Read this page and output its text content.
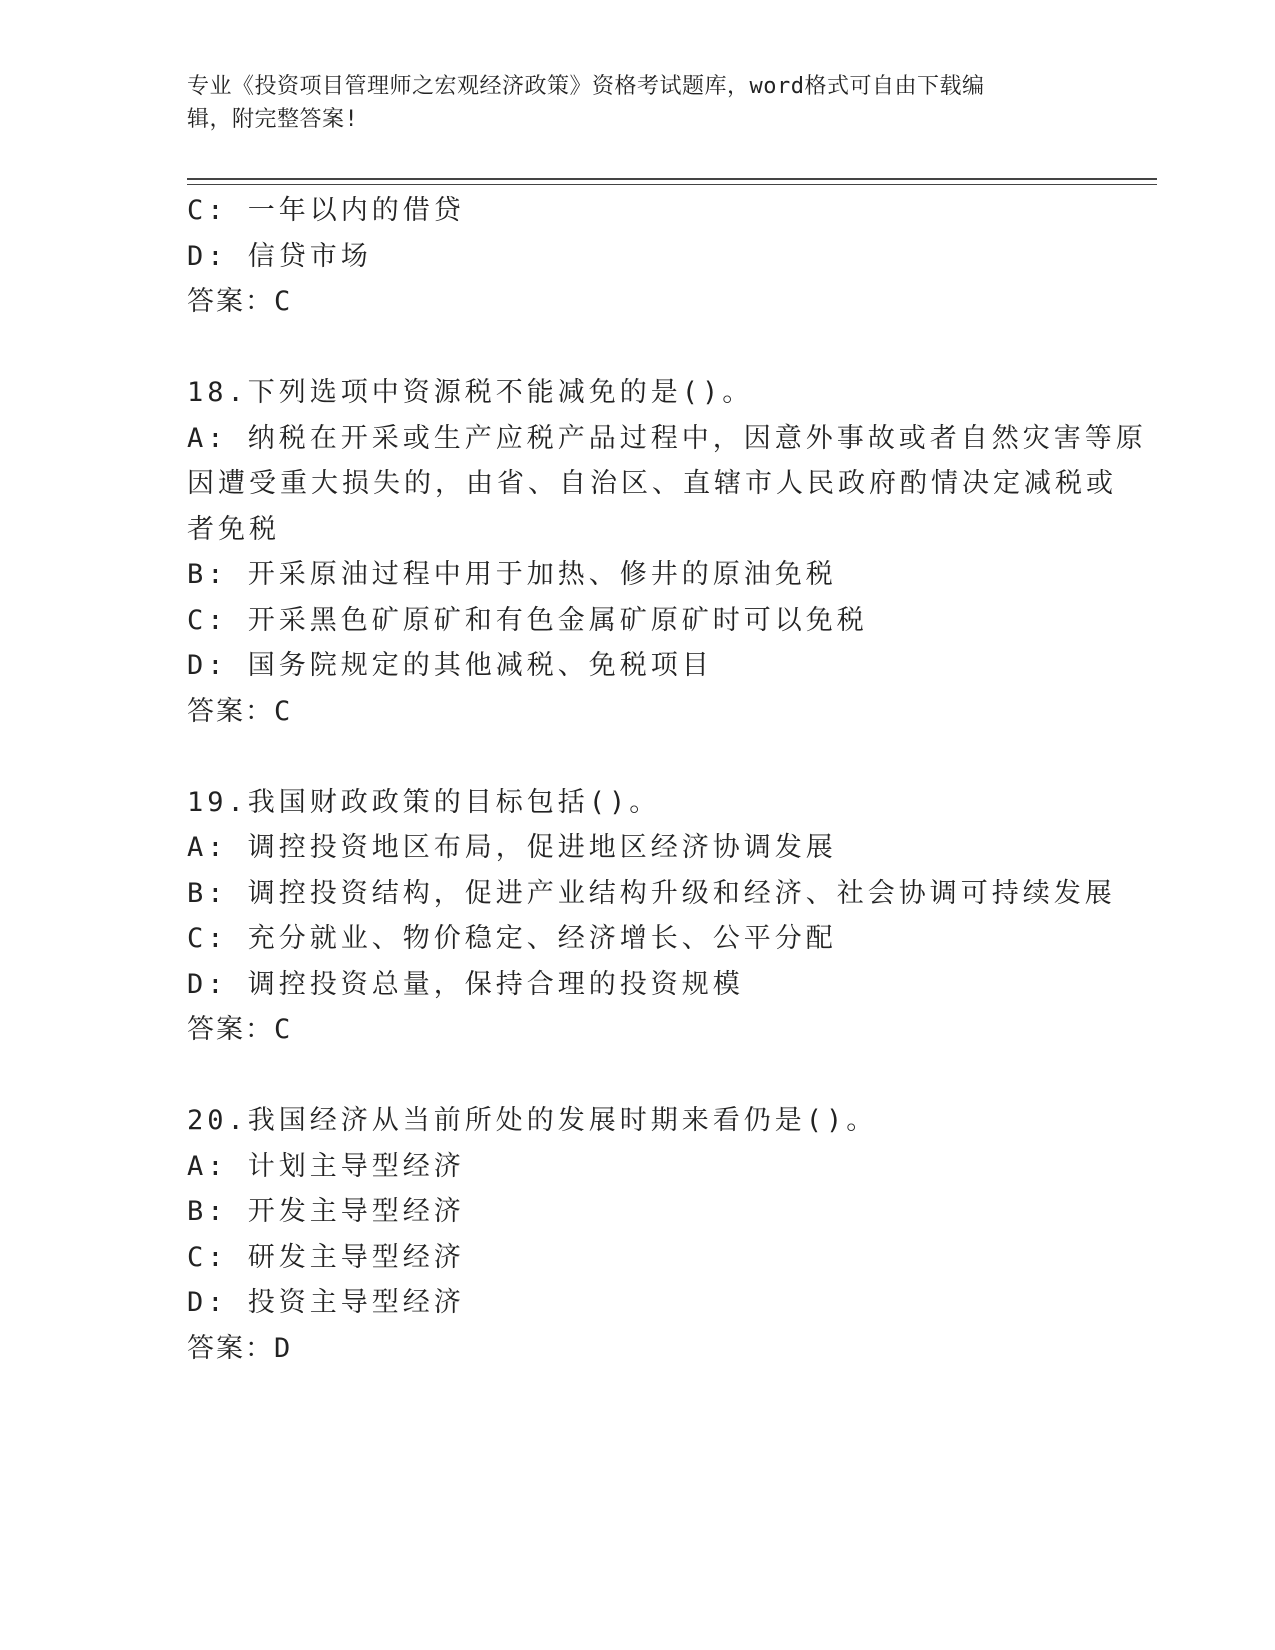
专业《投资项目管理师之宏观经济政策》资格考试题库，word格式可自由下载编
辑，附完整答案!
C: 一年以内的借贷
D: 信贷市场
答案：C
18.下列选项中资源税不能减免的是()。
A: 纳税在开采或生产应税产品过程中，因意外事故或者自然灾害等原
因遭受重大损失的，由省、自治区、直辖市人民政府酌情决定减税或
者免税
B: 开采原油过程中用于加热、修井的原油免税
C: 开采黑色矿原矿和有色金属矿原矿时可以免税
D: 国务院规定的其他减税、免税项目
答案：C
19.我国财政政策的目标包括()。
A: 调控投资地区布局，促进地区经济协调发展
B: 调控投资结构，促进产业结构升级和经济、社会协调可持续发展
C: 充分就业、物价稳定、经济增长、公平分配
D: 调控投资总量，保持合理的投资规模
答案：C
20.我国经济从当前所处的发展时期来看仍是()。
A: 计划主导型经济
B: 开发主导型经济
C: 研发主导型经济
D: 投资主导型经济
答案：D
